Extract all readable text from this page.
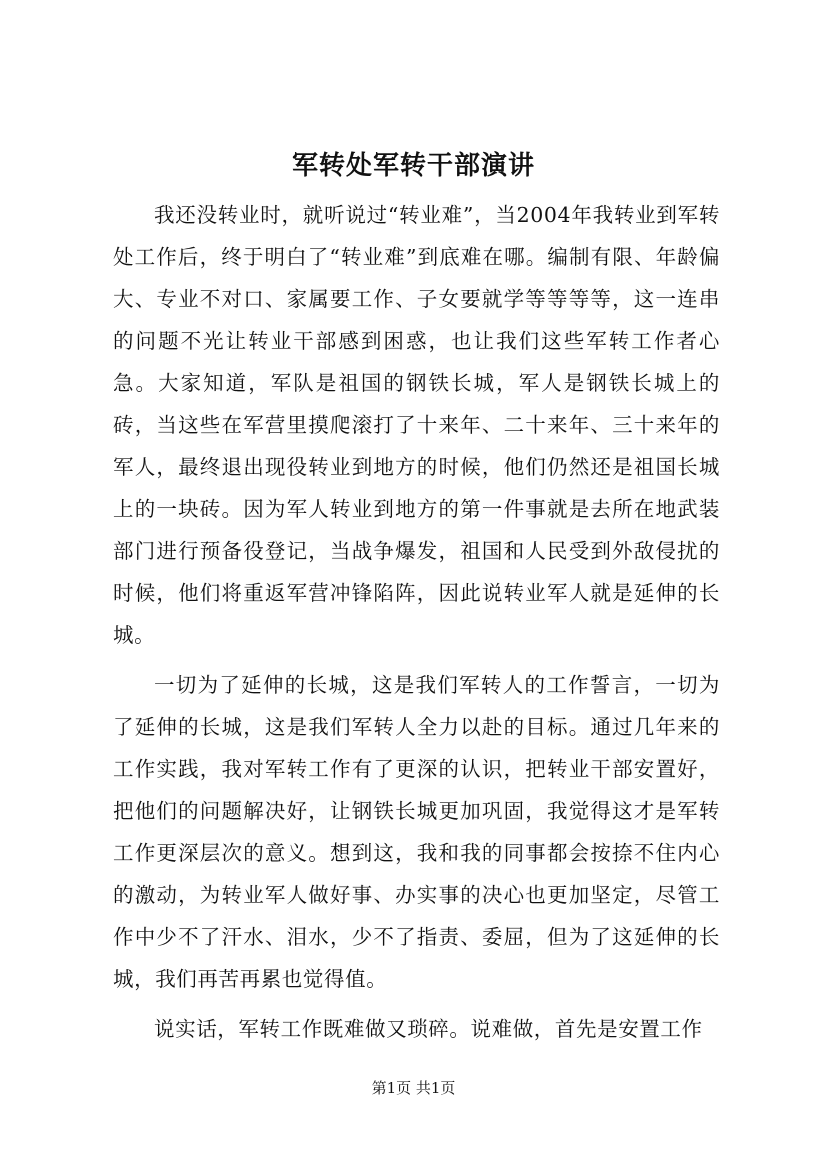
军转处军转干部演讲

我还没转业时，就听说过“转业难”，当2004年我转业到军转处工作后，终于明白了“转业难”到底难在哪。编制有限、年龄偏大、专业不对口、家属要工作、子女要就学等等等等，这一连串的问题不光让转业干部感到困惑，也让我们这些军转工作者心急。大家知道，军队是祖国的钢铁长城，军人是钢铁长城上的砖，当这些在军营里摸爬滚打了十来年、二十来年、三十来年的军人，最终退出现役转业到地方的时候，他们仍然还是祖国长城上的一块砖。因为军人转业到地方的第一件事就是去所在地武装部门进行预备役登记，当战争爆发，祖国和人民受到外敌侵扰的时候，他们将重返军营冲锋陷阵，因此说转业军人就是延伸的长城。

一切为了延伸的长城，这是我们军转人的工作誓言，一切为了延伸的长城，这是我们军转人全力以赴的目标。通过几年来的工作实践，我对军转工作有了更深的认识，把转业干部安置好，把他们的问题解决好，让钢铁长城更加巩固，我觉得这才是军转工作更深层次的意义。想到这，我和我的同事都会按捺不住内心的激动，为转业军人做好事、办实事的决心也更加坚定，尽管工作中少不了汗水、泪水，少不了指责、委屈，但为了这延伸的长城，我们再苦再累也觉得值。

说实话，军转工作既难做又琐碎。说难做，首先是安置工作

第1页 共1页
